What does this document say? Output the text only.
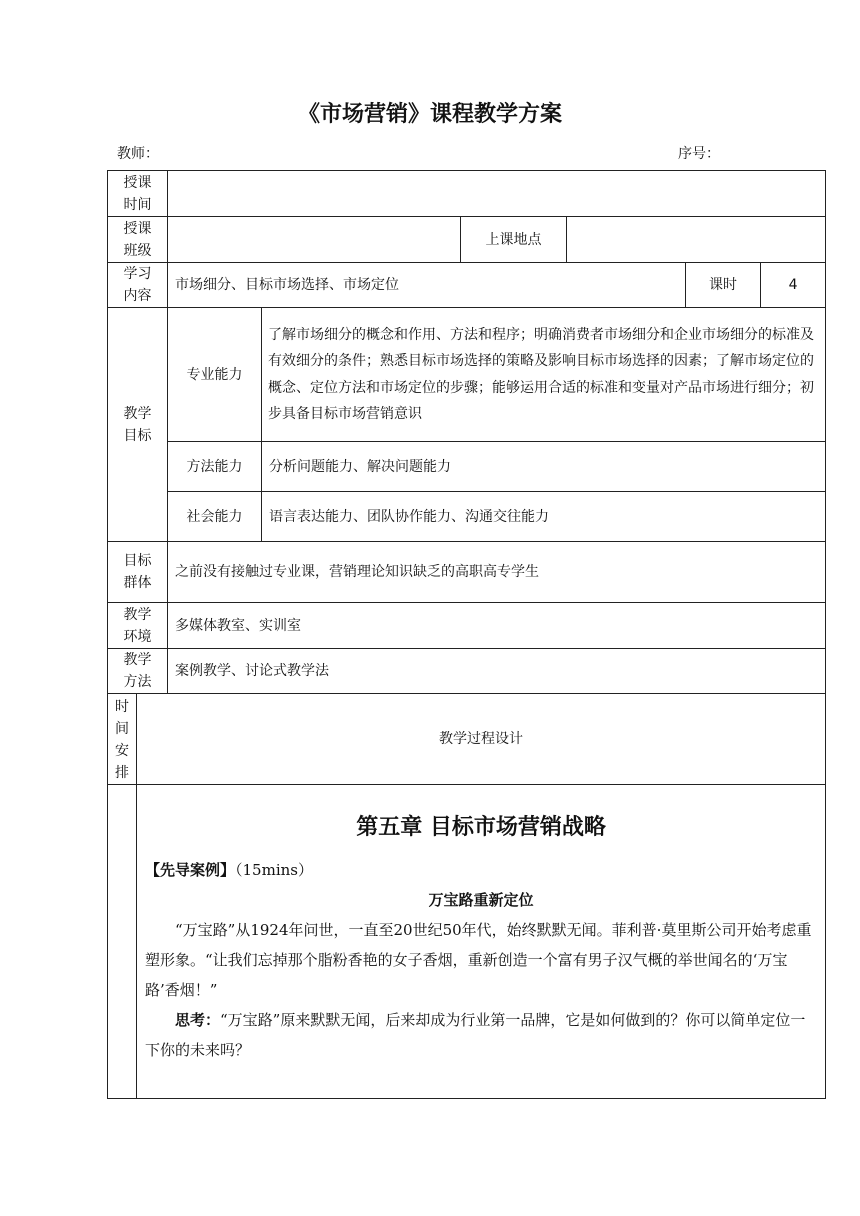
《市场营销》课程教学方案
教师：	序号：
授课时间							
授课班级				上课地点			
学习内容		市场细分、目标市场选择、市场定位				课时	4
教学目标		专业能力	了解市场细分的概念和作用、方法和程序；明确消费者市场细分和企业市场细分的标准及有效细分的条件；熟悉目标市场选择的策略及影响目标市场选择的因素；了解市场定位的概念、定位方法和市场定位的步骤；能够运用合适的标准和变量对产品市场进行细分；初步具备目标市场营销意识				
		方法能力	分析问题能力、解决问题能力				
		社会能力	语言表达能力、团队协作能力、沟通交往能力				
目标群体		之前没有接触过专业课，营销理论知识缺乏的高职高专学生					
教学环境		多媒体教室、实训室					
教学方法		案例教学、讨论式教学法					
时间安排	教学过程设计						

	第五章 目标市场营销战略

【先导案例】（15mins）

万宝路重新定位

“万宝路”从1924年问世，一直至20世纪50年代，始终默默无闻。菲利普·莫里斯公司开始考虑重塑形象。“让我们忘掉那个脂粉香艳的女子香烟，重新创造一个富有男子汉气概的举世闻名的‘万宝路’香烟！”

思考：“万宝路”原来默默无闻，后来却成为行业第一品牌，它是如何做到的？你可以简单定位一下你的未来吗？						
